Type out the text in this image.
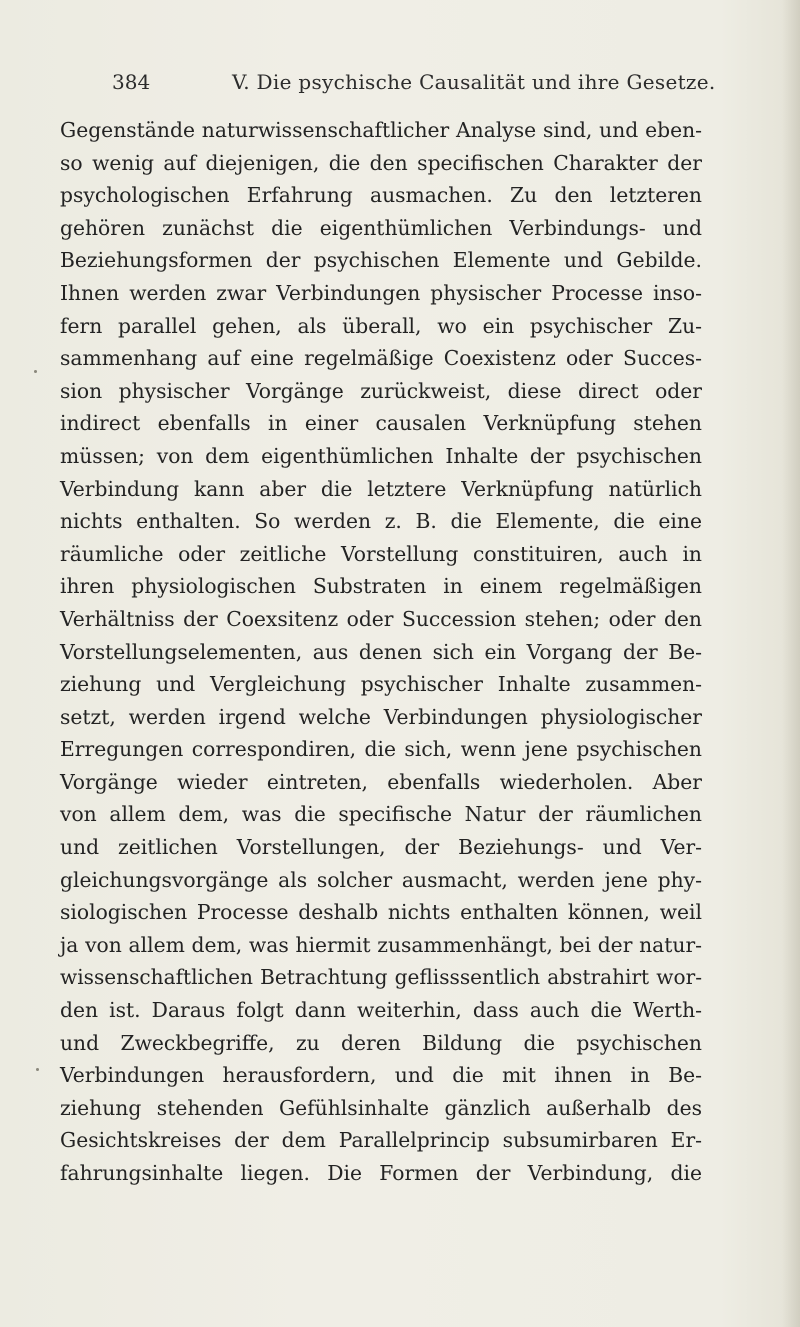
384	V. Die psychische Causalität und ihre Gesetze.
Gegenstände naturwissenschaftlicher Analyse sind, und eben-
so wenig auf diejenigen, die den specifischen Charakter der
psychologischen Erfahrung ausmachen. Zu den letzteren
gehören zunächst die eigenthümlichen Verbindungs- und
Beziehungsformen der psychischen Elemente und Gebilde.
Ihnen werden zwar Verbindungen physischer Processe inso-
fern parallel gehen, als überall, wo ein psychischer Zu-
sammenhang auf eine regelmäßige Coexistenz oder Succes-
sion physischer Vorgänge zurückweist, diese direct oder
indirect ebenfalls in einer causalen Verknüpfung stehen
müssen; von dem eigenthümlichen Inhalte der psychischen
Verbindung kann aber die letztere Verknüpfung natürlich
nichts enthalten. So werden z. B. die Elemente, die eine
räumliche oder zeitliche Vorstellung constituiren, auch in
ihren physiologischen Substraten in einem regelmäßigen
Verhältniss der Coexsitenz oder Succession stehen; oder den
Vorstellungselementen, aus denen sich ein Vorgang der Be-
ziehung und Vergleichung psychischer Inhalte zusammen-
setzt, werden irgend welche Verbindungen physiologischer
Erregungen correspondiren, die sich, wenn jene psychischen
Vorgänge wieder eintreten, ebenfalls wiederholen. Aber
von allem dem, was die specifische Natur der räumlichen
und zeitlichen Vorstellungen, der Beziehungs- und Ver-
gleichungsvorgänge als solcher ausmacht, werden jene phy-
siologischen Processe deshalb nichts enthalten können, weil
ja von allem dem, was hiermit zusammenhängt, bei der natur-
wissenschaftlichen Betrachtung geflisssentlich abstrahirt wor-
den ist. Daraus folgt dann weiterhin, dass auch die Werth-
und Zweckbegriffe, zu deren Bildung die psychischen
Verbindungen herausfordern, und die mit ihnen in Be-
ziehung stehenden Gefühlsinhalte gänzlich außerhalb des
Gesichtskreises der dem Parallelprincip subsumirbaren Er-
fahrungsinhalte liegen. Die Formen der Verbindung, die
